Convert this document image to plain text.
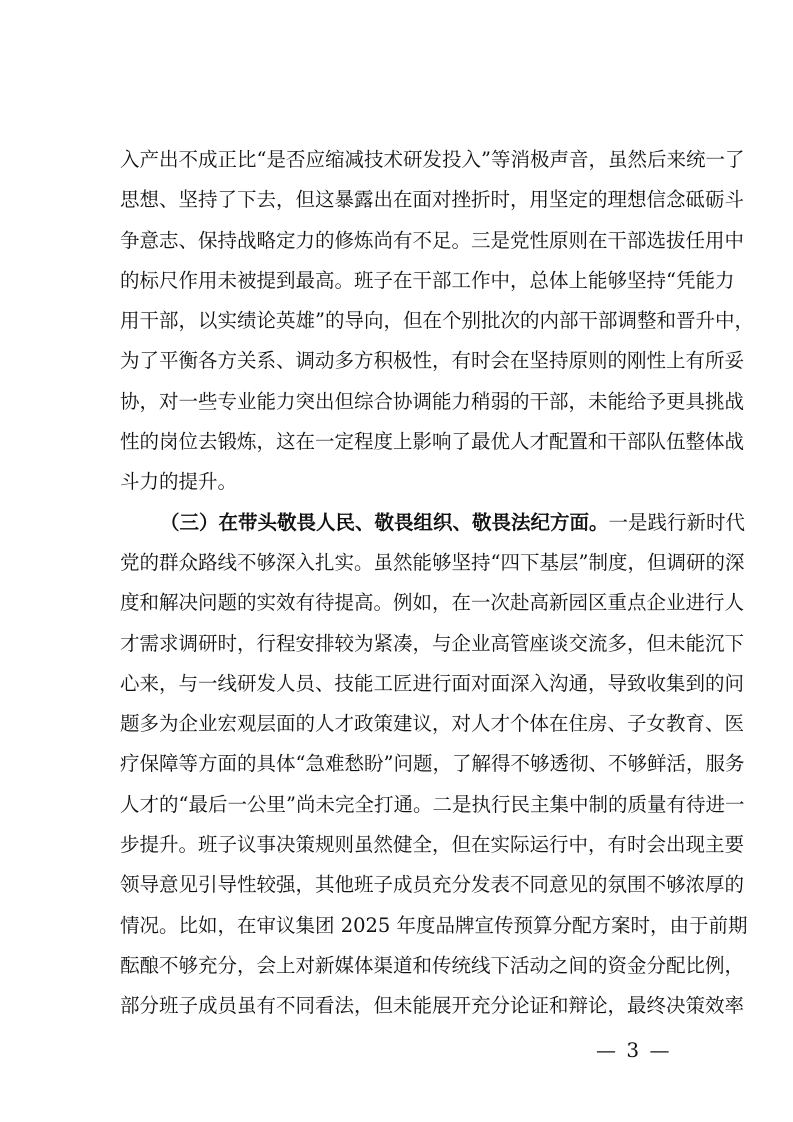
入产出不成正比“是否应缩减技术研发投入”等消极声音，虽然后来统一了
思想、坚持了下去，但这暴露出在面对挫折时，用坚定的理想信念砥砺斗
争意志、保持战略定力的修炼尚有不足。三是党性原则在干部选拔任用中
的标尺作用未被提到最高。班子在干部工作中，总体上能够坚持“凭能力
用干部，以实绩论英雄”的导向，但在个别批次的内部干部调整和晋升中，
为了平衡各方关系、调动多方积极性，有时会在坚持原则的刚性上有所妥
协，对一些专业能力突出但综合协调能力稍弱的干部，未能给予更具挑战
性的岗位去锻炼，这在一定程度上影响了最优人才配置和干部队伍整体战
斗力的提升。
（三）在带头敬畏人民、敬畏组织、敬畏法纪方面。一是践行新时代
党的群众路线不够深入扎实。虽然能够坚持“四下基层”制度，但调研的深
度和解决问题的实效有待提高。例如，在一次赴高新园区重点企业进行人
才需求调研时，行程安排较为紧凑，与企业高管座谈交流多，但未能沉下
心来，与一线研发人员、技能工匠进行面对面深入沟通，导致收集到的问
题多为企业宏观层面的人才政策建议，对人才个体在住房、子女教育、医
疗保障等方面的具体“急难愁盼”问题，了解得不够透彻、不够鲜活，服务
人才的“最后一公里”尚未完全打通。二是执行民主集中制的质量有待进一
步提升。班子议事决策规则虽然健全，但在实际运行中，有时会出现主要
领导意见引导性较强，其他班子成员充分发表不同意见的氛围不够浓厚的
情况。比如，在审议集团 2025 年度品牌宣传预算分配方案时，由于前期
酝酿不够充分，会上对新媒体渠道和传统线下活动之间的资金分配比例，
部分班子成员虽有不同看法，但未能展开充分论证和辩论，最终决策效率
— 3 —
